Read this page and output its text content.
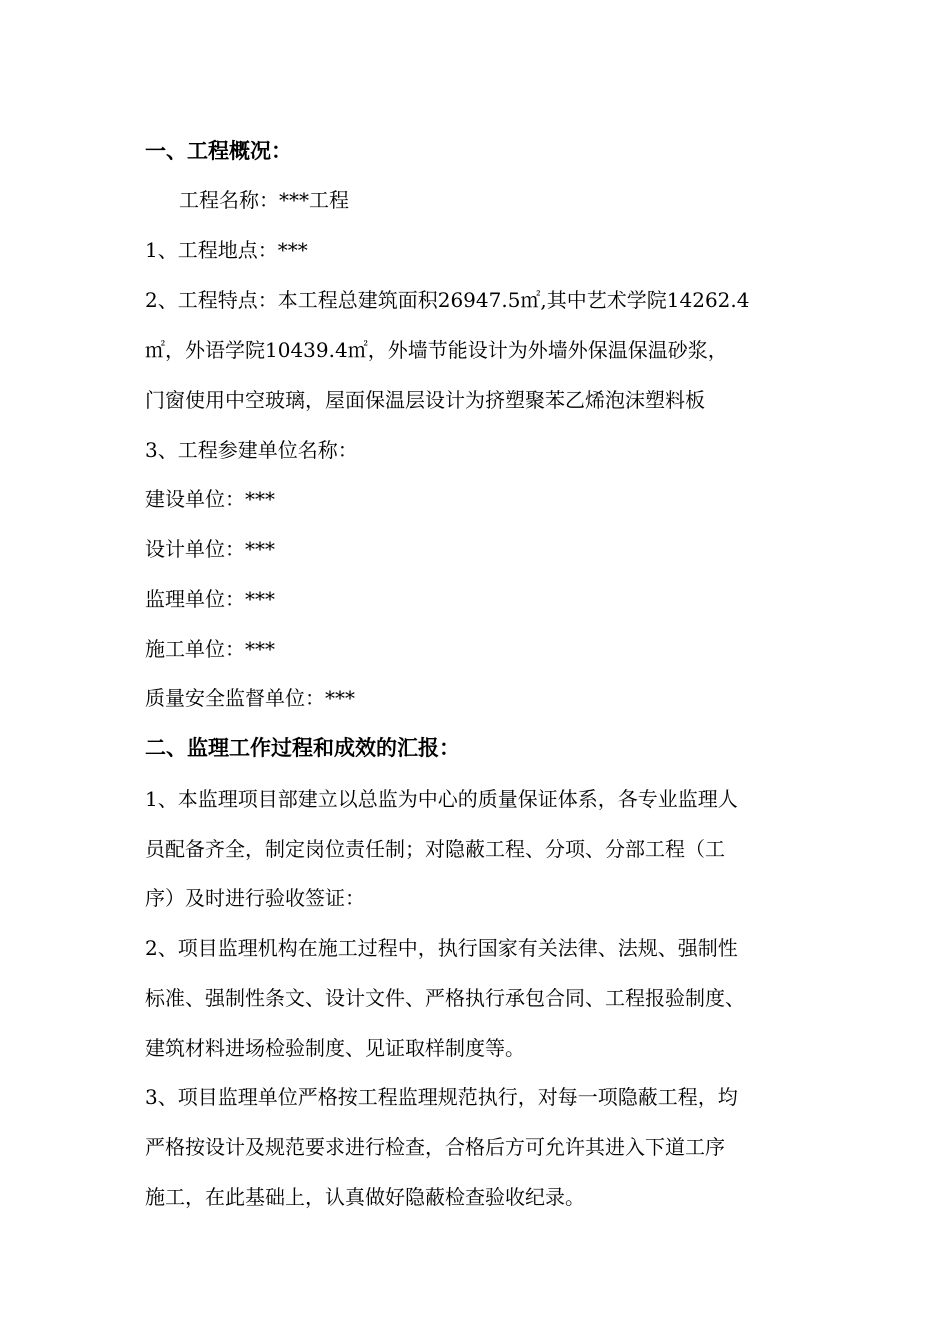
一、工程概况：
工程名称：***工程
1、工程地点：***
2、工程特点：本工程总建筑面积26947.5㎡,其中艺术学院14262.4
㎡，外语学院10439.4㎡，外墙节能设计为外墙外保温保温砂浆，
门窗使用中空玻璃，屋面保温层设计为挤塑聚苯乙烯泡沫塑料板
3、工程参建单位名称：
建设单位：***
设计单位：***
监理单位：***
施工单位：***
质量安全监督单位：***
二、监理工作过程和成效的汇报：
1、本监理项目部建立以总监为中心的质量保证体系，各专业监理人
员配备齐全，制定岗位责任制；对隐蔽工程、分项、分部工程（工
序）及时进行验收签证：
2、项目监理机构在施工过程中，执行国家有关法律、法规、强制性
标准、强制性条文、设计文件、严格执行承包合同、工程报验制度、
建筑材料进场检验制度、见证取样制度等。
3、项目监理单位严格按工程监理规范执行，对每一项隐蔽工程，均
严格按设计及规范要求进行检查，合格后方可允许其进入下道工序
施工，在此基础上，认真做好隐蔽检查验收纪录。
